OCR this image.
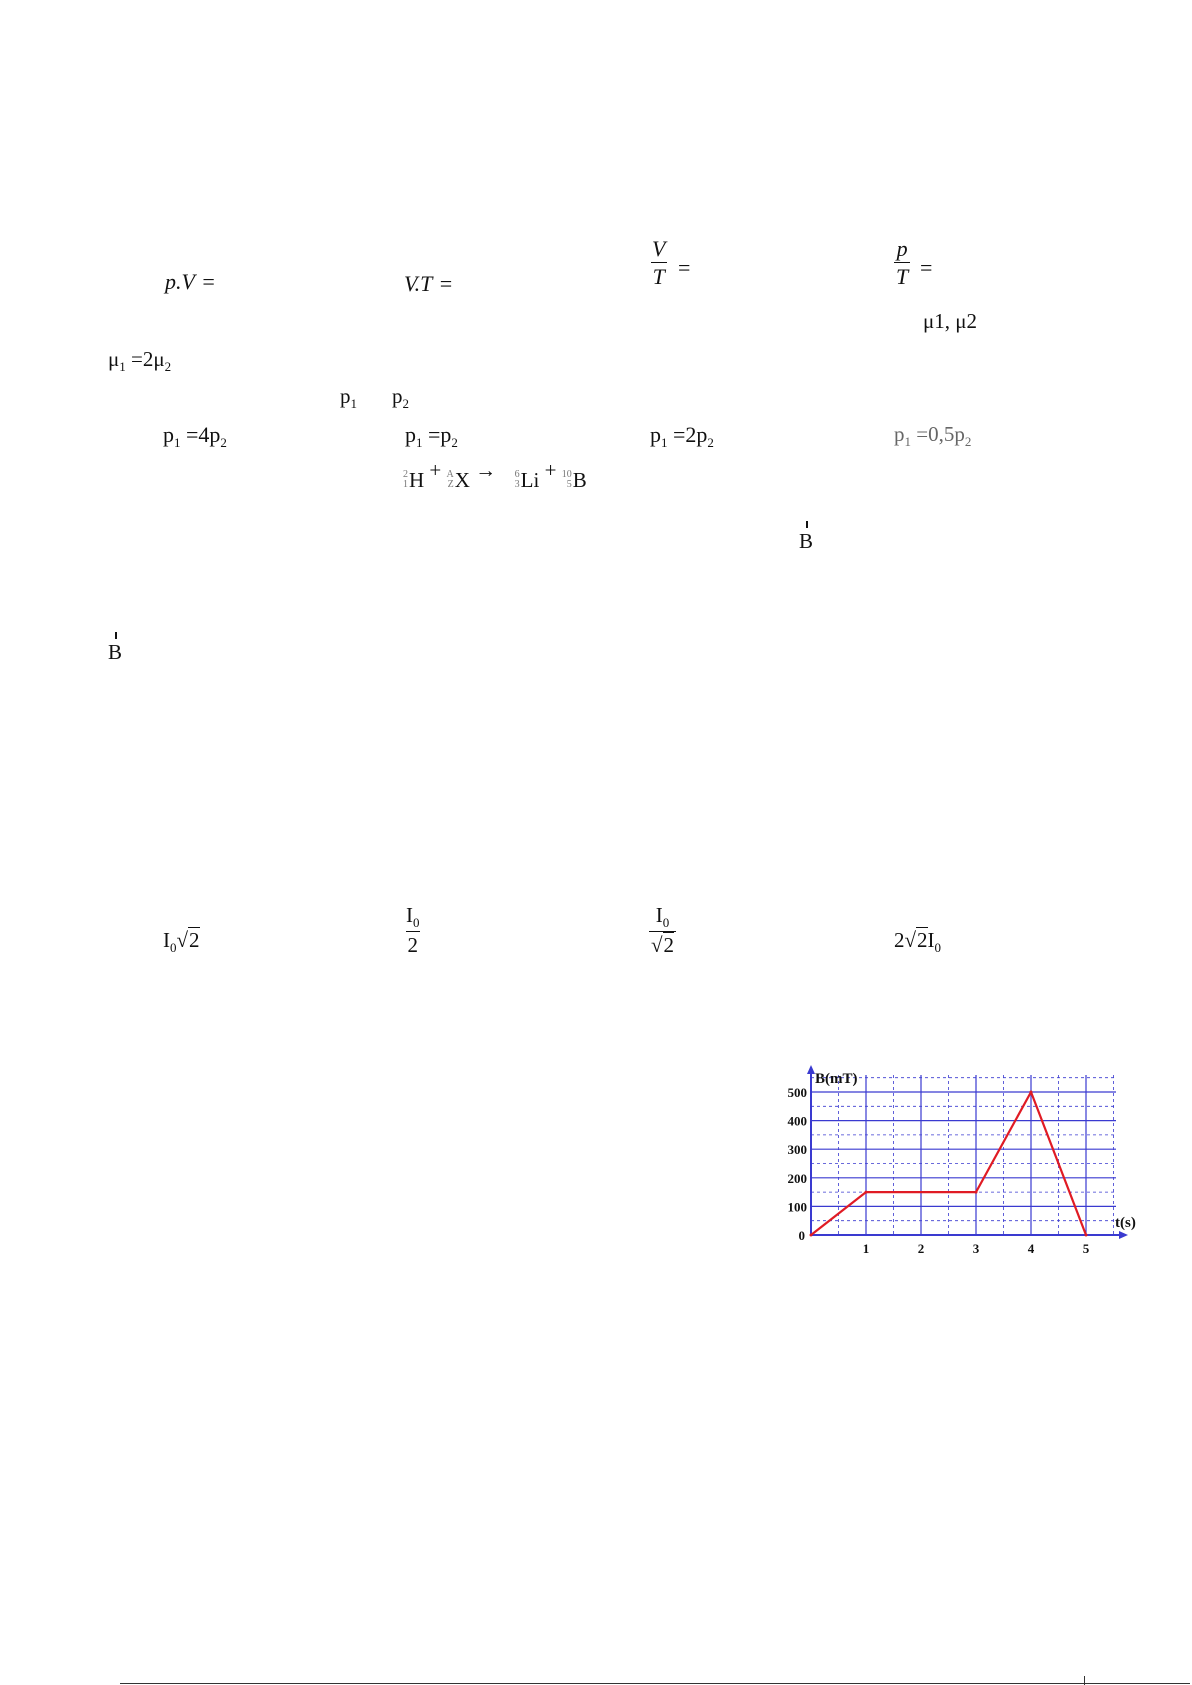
p.V =	V.T =	$\frac{V}{T}$ =	$\frac{p}{T}$ =
μ1, μ2
$\mu_1 =2\mu_2$
$p_1$ $p_2$
$p_1 =4p_2$	$p_1 =p_2$	$p_1 =2p_2$	$p_1 =0,5p_2$
2
1 H + A
Z X → 6
3 Li + 10
5 B
B
B
$I_0√2$	$\frac{I_0}{2}$	$\frac{I_0}{√2}$	$2√2I_0$
1	2	3	4	5
100
200
300
400
500
0
B(mT)
t(s)
